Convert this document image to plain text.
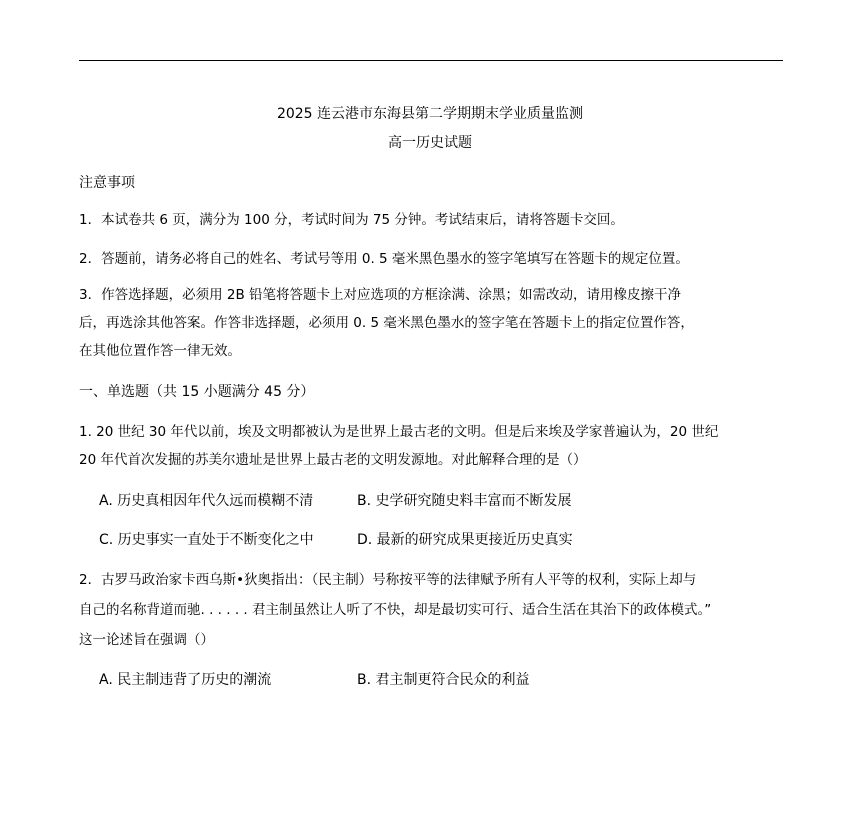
2025 连云港市东海县第二学期期末学业质量监测
高一历史试题
注意事项
1．本试卷共 6 页，满分为 100 分，考试时间为 75 分钟。考试结束后，请将答题卡交回。
2．答题前，请务必将自己的姓名、考试号等用 0. 5 毫米黑色墨水的签字笔填写在答题卡的规定位置。
3．作答选择题，必须用 2B 铅笔将答题卡上对应选项的方框涂满、涂黑；如需改动，请用橡皮擦干净
后，再选涂其他答案。作答非选择题，必须用 0. 5 毫米黑色墨水的签字笔在答题卡上的指定位置作答，
在其他位置作答一律无效。
一、单选题（共 15 小题满分 45 分）
1. 20 世纪 30 年代以前，埃及文明都被认为是世界上最古老的文明。但是后来埃及学家普遍认为，20 世纪
20 年代首次发掘的苏美尔遗址是世界上最古老的文明发源地。对此解释合理的是（）
A. 历史真相因年代久远而模糊不清	B. 史学研究随史料丰富而不断发展
C. 历史事实一直处于不断变化之中	D. 最新的研究成果更接近历史真实
2．古罗马政治家卡西乌斯•狄奥指出：（民主制）号称按平等的法律赋予所有人平等的权利，实际上却与
自己的名称背道而驰. . . . . . 君主制虽然让人听了不快，却是最切实可行、适合生活在其治下的政体模式。”
这一论述旨在强调（）
A. 民主制违背了历史的潮流	B. 君主制更符合民众的利益
